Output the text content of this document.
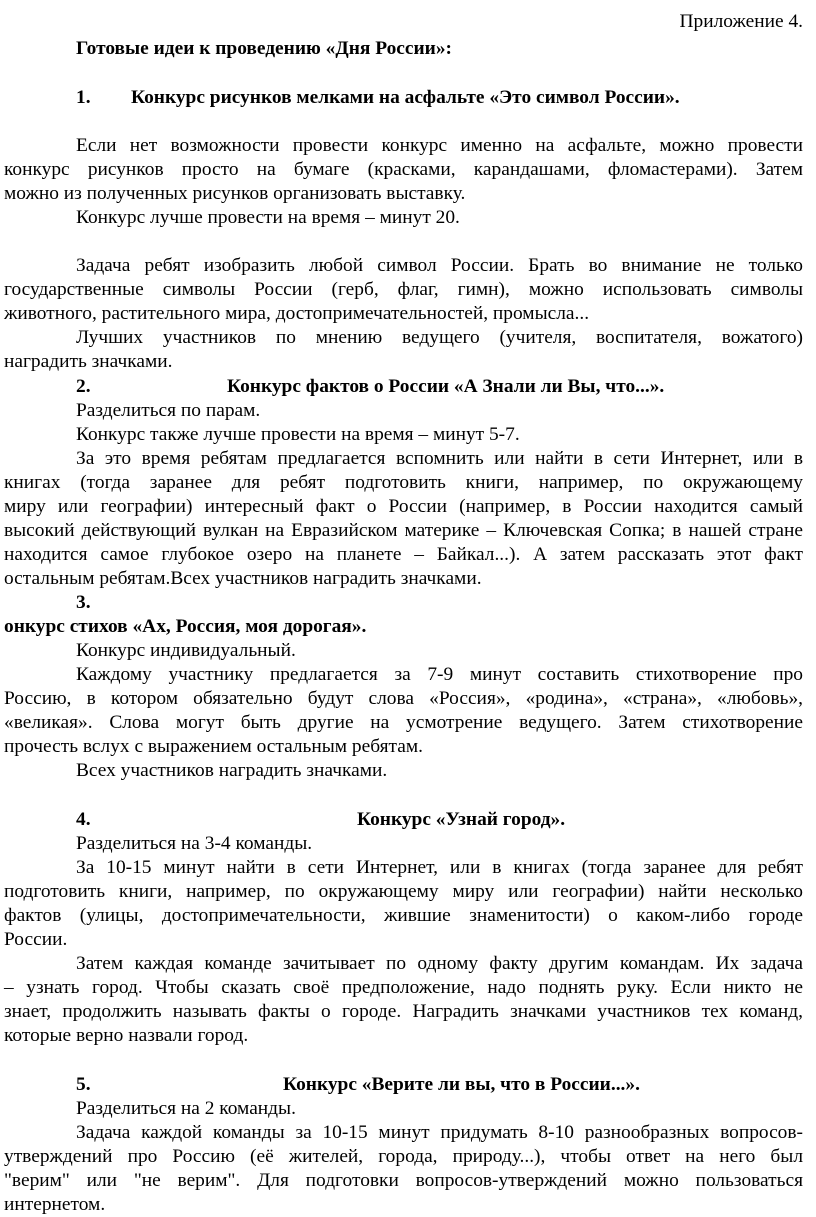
Приложение 4.
Готовые идеи к проведению «Дня России»:
1. Конкурс рисунков мелками на асфальте «Это символ России».
Если нет возможности провести конкурс именно на асфальте, можно провести
конкурс рисунков просто на бумаге (красками, карандашами, фломастерами). Затем
можно из полученных рисунков организовать выставку.
Конкурс лучше провести на время – минут 20.
Задача ребят изобразить любой символ России. Брать во внимание не только
государственные символы России (герб, флаг, гимн), можно использовать символы
животного, растительного мира, достопримечательностей, промысла...
Лучших участников по мнению ведущего (учителя, воспитателя, вожатого)
наградить значками.
2.	Конкурс фактов о России «А Знали ли Вы, что...».
Разделиться по парам.
Конкурс также лучше провести на время – минут 5-7.
За это время ребятам предлагается вспомнить или найти в сети Интернет, или в
книгах (тогда заранее для ребят подготовить книги, например, по окружающему
миру или географии) интересный факт о России (например, в России находится самый
высокий действующий вулкан на Евразийском материке – Ключевская Сопка; в нашей стране
находится самое глубокое озеро на планете – Байкал...). А затем рассказать этот факт
остальным ребятам.Всех участников наградить значками.
3.
онкурс стихов «Ах, Россия, моя дорогая».
Конкурс индивидуальный.
Каждому участнику предлагается за 7-9 минут составить стихотворение про
Россию, в котором обязательно будут слова «Россия», «родина», «страна», «любовь»,
«великая». Слова могут быть другие на усмотрение ведущего. Затем стихотворение
прочесть вслух с выражением остальным ребятам.
Всех участников наградить значками.
4.	Конкурс «Узнай город».
Разделиться на 3-4 команды.
За 10-15 минут найти в сети Интернет, или в книгах (тогда заранее для ребят
подготовить книги, например, по окружающему миру или географии) найти несколько
фактов (улицы, достопримечательности, жившие знаменитости) о каком-либо городе
России.
Затем каждая команде зачитывает по одному факту другим командам. Их задача
– узнать город. Чтобы сказать своё предположение, надо поднять руку. Если никто не
знает, продолжить называть факты о городе. Наградить значками участников тех команд,
которые верно назвали город.
5.	Конкурс «Верите ли вы, что в России...».
Разделиться на 2 команды.
Задача каждой команды за 10-15 минут придумать 8-10 разнообразных вопросов-
утверждений про Россию (её жителей, города, природу...), чтобы ответ на него был
"верим" или "не верим". Для подготовки вопросов-утверждений можно пользоваться
интернетом.
